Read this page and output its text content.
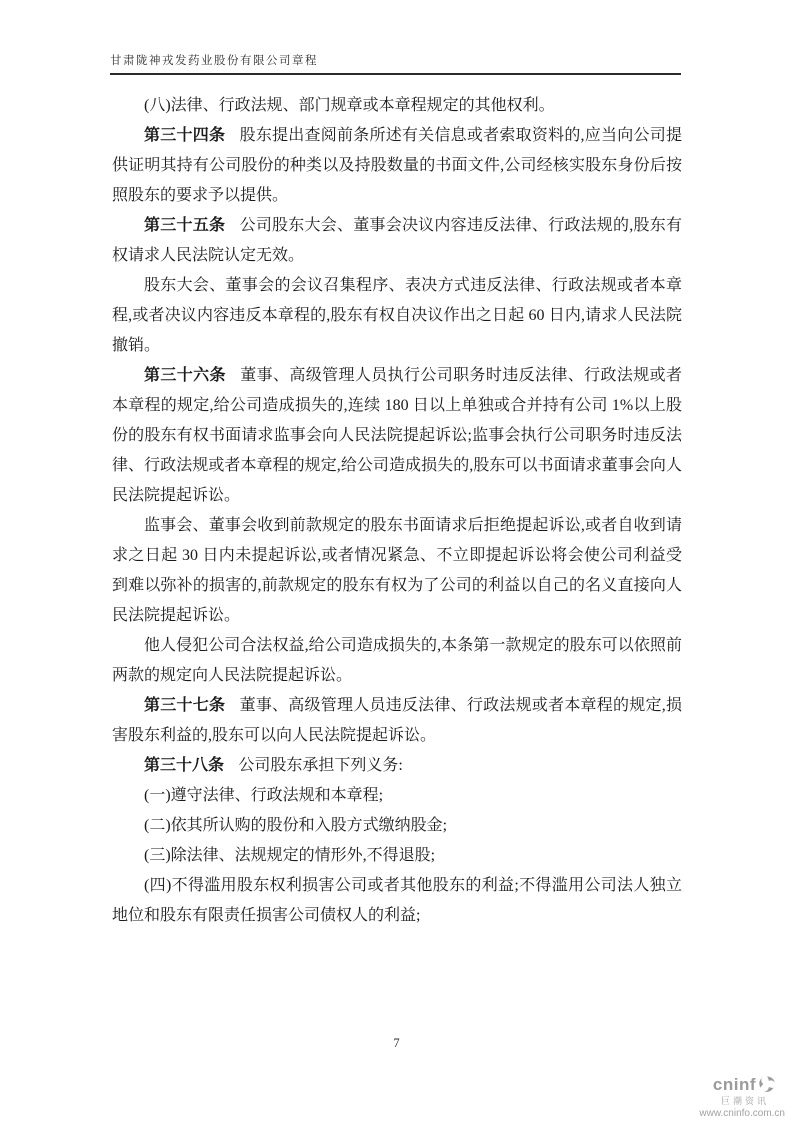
甘肃陇神戎发药业股份有限公司章程
(八)法律、行政法规、部门规章或本章程规定的其他权利。
第三十四条 股东提出查阅前条所述有关信息或者索取资料的,应当向公司提供证明其持有公司股份的种类以及持股数量的书面文件,公司经核实股东身份后按照股东的要求予以提供。
第三十五条 公司股东大会、董事会决议内容违反法律、行政法规的,股东有权请求人民法院认定无效。
股东大会、董事会的会议召集程序、表决方式违反法律、行政法规或者本章程,或者决议内容违反本章程的,股东有权自决议作出之日起 60 日内,请求人民法院撤销。
第三十六条 董事、高级管理人员执行公司职务时违反法律、行政法规或者本章程的规定,给公司造成损失的,连续 180 日以上单独或合并持有公司 1%以上股份的股东有权书面请求监事会向人民法院提起诉讼;监事会执行公司职务时违反法律、行政法规或者本章程的规定,给公司造成损失的,股东可以书面请求董事会向人民法院提起诉讼。
监事会、董事会收到前款规定的股东书面请求后拒绝提起诉讼,或者自收到请求之日起 30 日内未提起诉讼,或者情况紧急、不立即提起诉讼将会使公司利益受到难以弥补的损害的,前款规定的股东有权为了公司的利益以自己的名义直接向人民法院提起诉讼。
他人侵犯公司合法权益,给公司造成损失的,本条第一款规定的股东可以依照前两款的规定向人民法院提起诉讼。
第三十七条 董事、高级管理人员违反法律、行政法规或者本章程的规定,损害股东利益的,股东可以向人民法院提起诉讼。
第三十八条 公司股东承担下列义务:
(一)遵守法律、行政法规和本章程;
(二)依其所认购的股份和入股方式缴纳股金;
(三)除法律、法规规定的情形外,不得退股;
(四)不得滥用股东权利损害公司或者其他股东的利益;不得滥用公司法人独立地位和股东有限责任损害公司债权人的利益;
7
cninf
巨潮资讯
www.cninfo.com.cn
